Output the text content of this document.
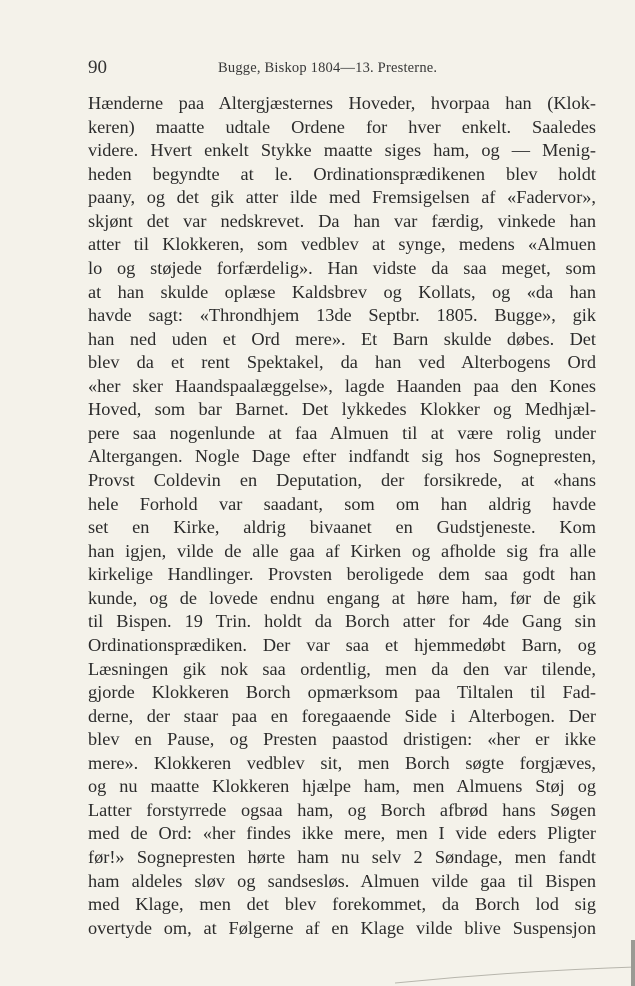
90	Bugge, Biskop 1804—13. Presterne.
Hænderne paa Altergjæsternes Hoveder, hvorpaa han (Klok-
keren) maatte udtale Ordene for hver enkelt. Saaledes
videre. Hvert enkelt Stykke maatte siges ham, og — Menig-
heden begyndte at le. Ordinationsprædikenen blev holdt
paany, og det gik atter ilde med Fremsigelsen af «Fadervor»,
skjønt det var nedskrevet. Da han var færdig, vinkede han
atter til Klokkeren, som vedblev at synge, medens «Almuen
lo og støjede forfærdelig». Han vidste da saa meget, som
at han skulde oplæse Kaldsbrev og Kollats, og «da han
havde sagt: «Throndhjem 13de Septbr. 1805. Bugge», gik
han ned uden et Ord mere». Et Barn skulde døbes. Det
blev da et rent Spektakel, da han ved Alterbogens Ord
«her sker Haandspaalæggelse», lagde Haanden paa den Kones
Hoved, som bar Barnet. Det lykkedes Klokker og Medhjæl-
pere saa nogenlunde at faa Almuen til at være rolig under
Altergangen. Nogle Dage efter indfandt sig hos Sognepresten,
Provst Coldevin en Deputation, der forsikrede, at «hans
hele Forhold var saadant, som om han aldrig havde
set en Kirke, aldrig bivaanet en Gudstjeneste. Kom
han igjen, vilde de alle gaa af Kirken og afholde sig fra alle
kirkelige Handlinger. Provsten beroligede dem saa godt han
kunde, og de lovede endnu engang at høre ham, før de gik
til Bispen. 19 Trin. holdt da Borch atter for 4de Gang sin
Ordinationsprædiken. Der var saa et hjemmedøbt Barn, og
Læsningen gik nok saa ordentlig, men da den var tilende,
gjorde Klokkeren Borch opmærksom paa Tiltalen til Fad-
derne, der staar paa en foregaaende Side i Alterbogen. Der
blev en Pause, og Presten paastod dristigen: «her er ikke
mere». Klokkeren vedblev sit, men Borch søgte forgjæves,
og nu maatte Klokkeren hjælpe ham, men Almuens Støj og
Latter forstyrrede ogsaa ham, og Borch afbrød hans Søgen
med de Ord: «her findes ikke mere, men I vide eders Pligter
før!» Sognepresten hørte ham nu selv 2 Søndage, men fandt
ham aldeles sløv og sandsesløs. Almuen vilde gaa til Bispen
med Klage, men det blev forekommet, da Borch lod sig
overtyde om, at Følgerne af en Klage vilde blive Suspensjon
